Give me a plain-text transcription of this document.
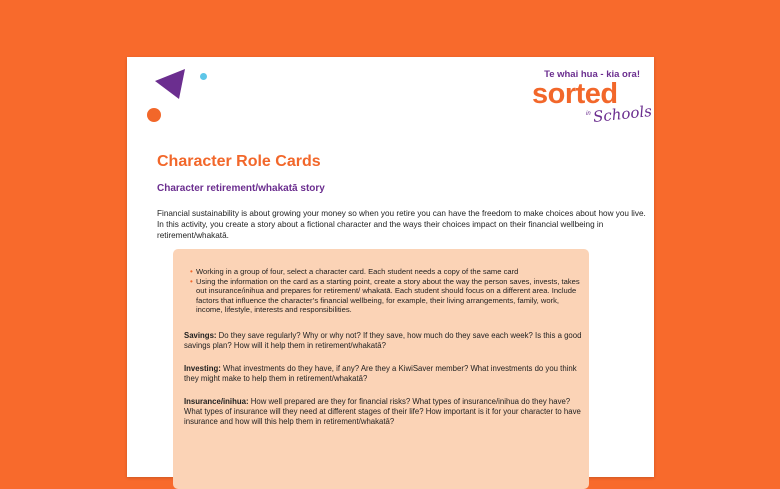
Te whai hua - kia ora!
sorted
in Schools
Character Role Cards
Character retirement/whakatā story

Financial sustainability is about growing your money so when you retire you can have the freedom to make choices about how you live. In this activity, you create a story about a fictional character and the ways their choices impact on their financial wellbeing in retirement/whakatā.

• Working in a group of four, select a character card. Each student needs a copy of the same card
• Using the information on the card as a starting point, create a story about the way the person saves, invests, takes out insurance/inihua and prepares for retirement/ whakatā. Each student should focus on a different area. Include factors that influence the character’s financial wellbeing, for example, their living arrangements, family, work, income, lifestyle, interests and responsibilities.

Savings: Do they save regularly? Why or why not? If they save, how much do they save each week? Is this a good savings plan? How will it help them in retirement/whakatā?

Investing: What investments do they have, if any? Are they a KiwiSaver member? What investments do you think they might make to help them in retirement/whakatā?

Insurance/inihua: How well prepared are they for financial risks? What types of insurance/inihua do they have? What types of insurance will they need at different stages of their life? How important is it for your character to have insurance and how will this help them in retirement/whakatā?
